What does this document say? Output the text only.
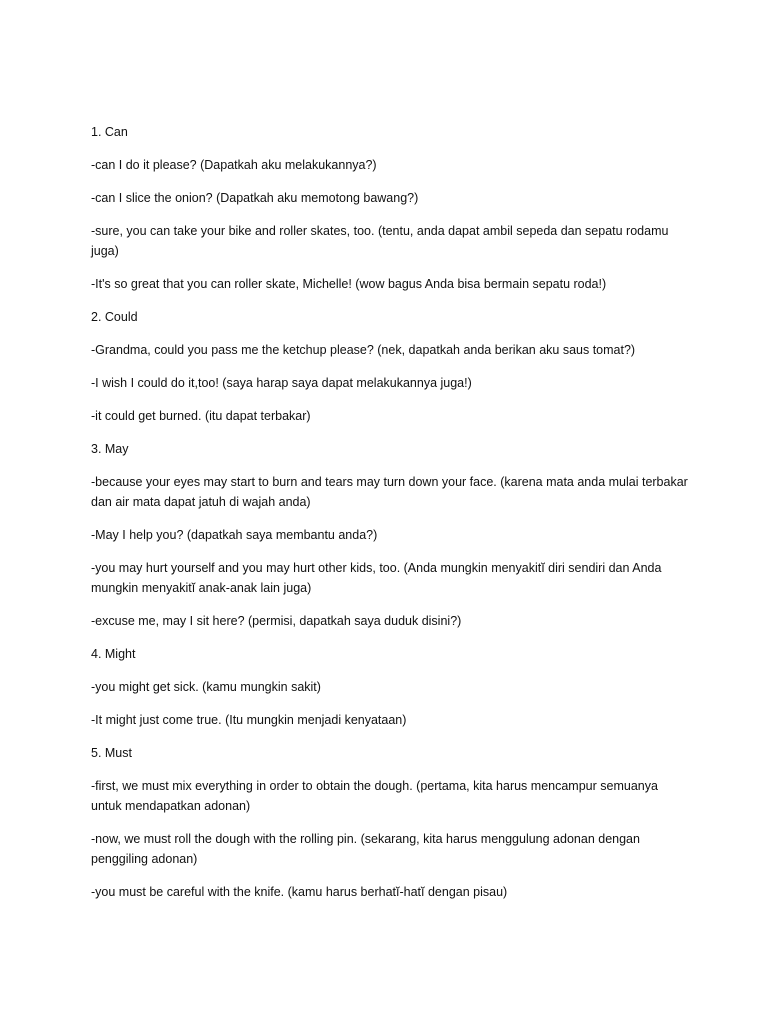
1. Can
-can I do it please? (Dapatkah aku melakukannya?)
-can I slice the onion? (Dapatkah aku memotong bawang?)
-sure, you can take your bike and roller skates, too. (tentu, anda dapat ambil sepeda dan sepatu rodamu juga)
-It's so great that you can roller skate, Michelle! (wow bagus Anda bisa bermain sepatu roda!)
2. Could
-Grandma, could you pass me the ketchup please? (nek, dapatkah anda berikan aku saus tomat?)
-I wish I could do it,too! (saya harap saya dapat melakukannya juga!)
-it could get burned. (itu dapat terbakar)
3. May
-because your eyes may start to burn and tears may turn down your face. (karena mata anda mulai terbakar dan air mata dapat jatuh di wajah anda)
-May I help you? (dapatkah saya membantu anda?)
-you may hurt yourself and you may hurt other kids, too. (Anda mungkin menyakitĭ diri sendiri dan Anda mungkin menyakitĭ anak-anak lain juga)
-excuse me, may I sit here? (permisi, dapatkah saya duduk disini?)
4. Might
-you might get sick. (kamu mungkin sakit)
-It might just come true. (Itu mungkin menjadi kenyataan)
5. Must
-first, we must mix everything in order to obtain the dough. (pertama, kita harus mencampur semuanya untuk mendapatkan adonan)
-now, we must roll the dough with the rolling pin. (sekarang, kita harus menggulung adonan dengan penggiling adonan)
-you must be careful with the knife. (kamu harus berhatĭ-hatĭ dengan pisau)
